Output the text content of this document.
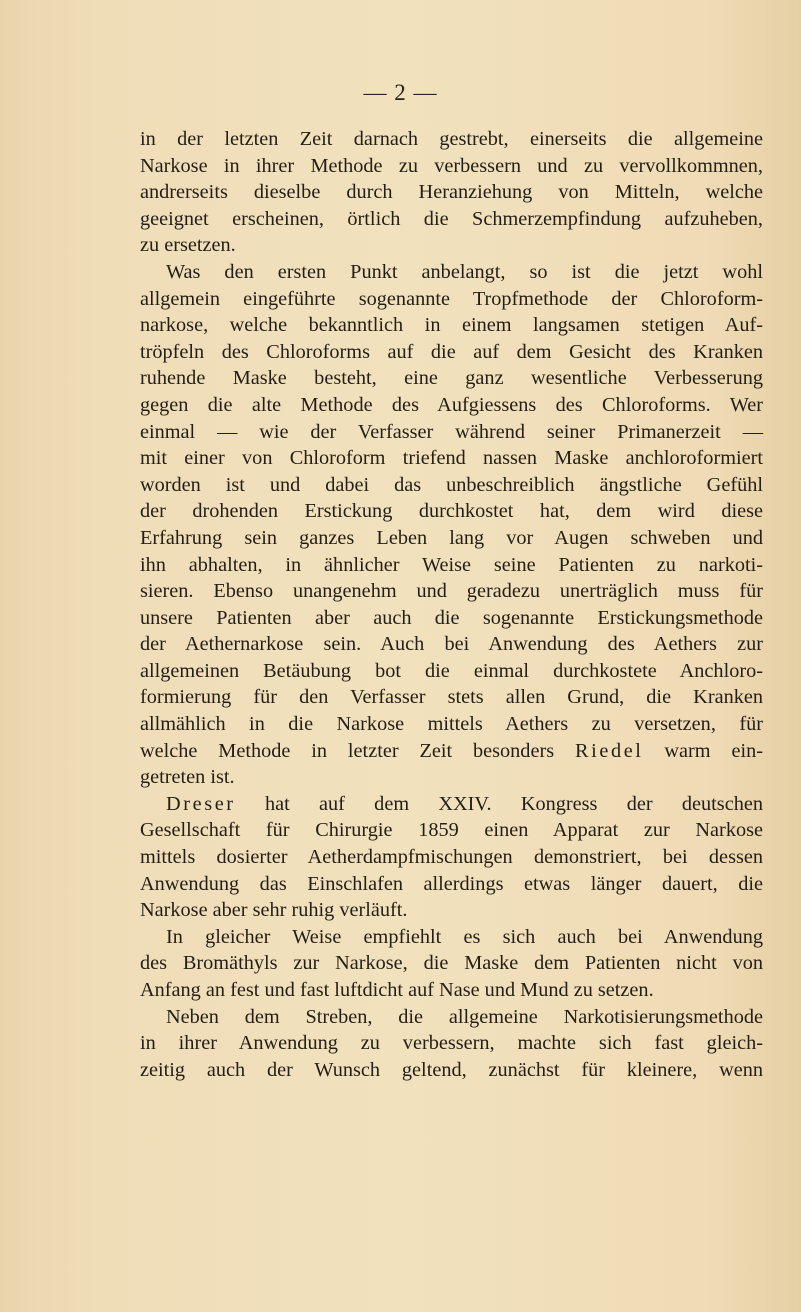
— 2 —

in der letzten Zeit darnach gestrebt, einerseits die allgemeine
Narkose in ihrer Methode zu verbessern und zu vervollkommnen,
andrerseits dieselbe durch Heranziehung von Mitteln, welche
geeignet erscheinen, örtlich die Schmerzempfindung aufzuheben,
zu ersetzen.

Was den ersten Punkt anbelangt, so ist die jetzt wohl
allgemein eingeführte sogenannte Tropfmethode der Chloroform-
narkose, welche bekanntlich in einem langsamen stetigen Auf-
tröpfeln des Chloroforms auf die auf dem Gesicht des Kranken
ruhende Maske besteht, eine ganz wesentliche Verbesserung
gegen die alte Methode des Aufgiessens des Chloroforms. Wer
einmal — wie der Verfasser während seiner Primanerzeit —
mit einer von Chloroform triefend nassen Maske anchloroformiert
worden ist und dabei das unbeschreiblich ängstliche Gefühl
der drohenden Erstickung durchkostet hat, dem wird diese
Erfahrung sein ganzes Leben lang vor Augen schweben und
ihn abhalten, in ähnlicher Weise seine Patienten zu narkoti-
sieren. Ebenso unangenehm und geradezu unerträglich muss für
unsere Patienten aber auch die sogenannte Erstickungsmethode
der Aethernarkose sein. Auch bei Anwendung des Aethers zur
allgemeinen Betäubung bot die einmal durchkostete Anchloro-
formierung für den Verfasser stets allen Grund, die Kranken
allmählich in die Narkose mittels Aethers zu versetzen, für
welche Methode in letzter Zeit besonders Riedel warm ein-
getreten ist.

Dreser hat auf dem XXIV. Kongress der deutschen
Gesellschaft für Chirurgie 1859 einen Apparat zur Narkose
mittels dosierter Aetherdampfmischungen demonstriert, bei dessen
Anwendung das Einschlafen allerdings etwas länger dauert, die
Narkose aber sehr ruhig verläuft.

In gleicher Weise empfiehlt es sich auch bei Anwendung
des Bromäthyls zur Narkose, die Maske dem Patienten nicht von
Anfang an fest und fast luftdicht auf Nase und Mund zu setzen.

Neben dem Streben, die allgemeine Narkotisierungsmethode
in ihrer Anwendung zu verbessern, machte sich fast gleich-
zeitig auch der Wunsch geltend, zunächst für kleinere, wenn
